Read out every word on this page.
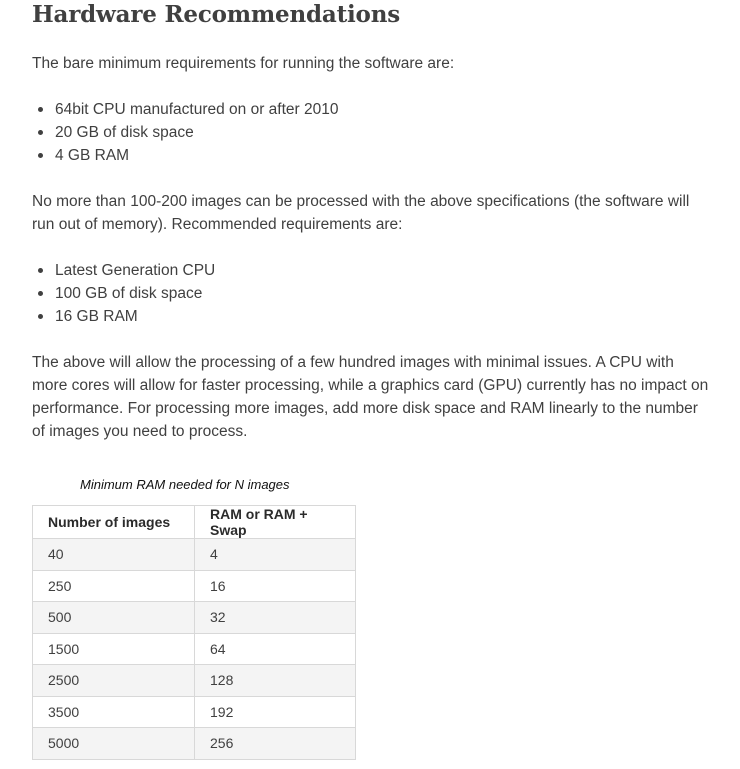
Hardware Recommendations

The bare minimum requirements for running the software are:

64bit CPU manufactured on or after 2010
20 GB of disk space
4 GB RAM

No more than 100-200 images can be processed with the above specifications (the software will run out of memory). Recommended requirements are:

Latest Generation CPU
100 GB of disk space
16 GB RAM

The above will allow the processing of a few hundred images with minimal issues. A CPU with more cores will allow for faster processing, while a graphics card (GPU) currently has no impact on performance. For processing more images, add more disk space and RAM linearly to the number of images you need to process.

Minimum RAM needed for N images
Number of images	RAM or RAM + Swap
40	4
250	16
500	32
1500	64
2500	128
3500	192
5000	256
